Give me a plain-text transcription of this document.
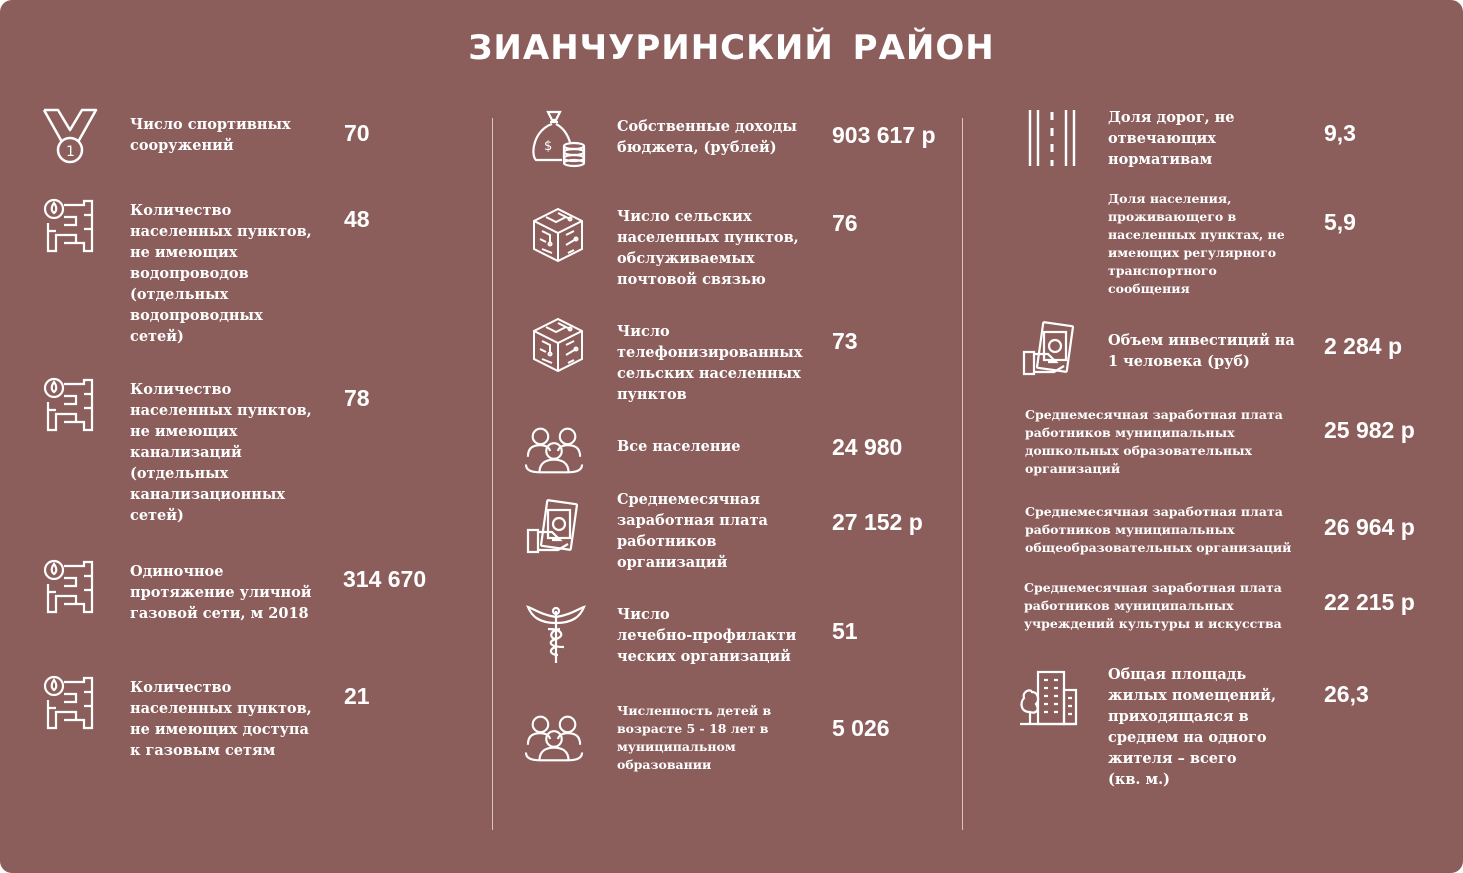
ЗИАНЧУРИНСКИЙ РАЙОН
1
Число спортивных
сооружений	70
Количество
населенных пунктов,
не имеющих
водопроводов
(отдельных
водопроводных
сетей)
48
Количество
населенных пунктов,
не имеющих
канализаций
(отдельных
канализационных
сетей)
78
Одиночное
протяжение уличной
газовой сети, м 2018
314 670
Количество
населенных пунктов,
не имеющих доступа
к газовым сетям
21
$
Собственные доходы
бюджета, (рублей)	903 617 р
Число сельских
населенных пунктов,
обслуживаемых
почтовой связью
76
Число
телефонизированных
сельских населенных
пунктов
73
Все население	24 980
Среднемесячная
заработная плата
работников
организаций
27 152 р
Число
лечебно-профилакти
ческих организаций
51
Численность детей в
возрасте 5 - 18 лет в
муниципальном
образовании
5 026
Доля дорог, не
отвечающих
нормативам
9,3
Доля населения,
проживающего в
населенных пунктах, не
имеющих регулярного
транспортного
сообщения
5,9
Объем инвестиций на
1 человека (руб)
2 284 р
Среднемесячная заработная плата
работников муниципальных
дошкольных образовательных
организаций
25 982 р
Среднемесячная заработная плата
работников муниципальных
общеобразовательных организаций
26 964 р
Среднемесячная заработная плата
работников муниципальных
учреждений культуры и искусства
22 215 р
Общая площадь
жилых помещений,
приходящаяся в
среднем на одного
жителя – всего
(кв. м.)
26,3
